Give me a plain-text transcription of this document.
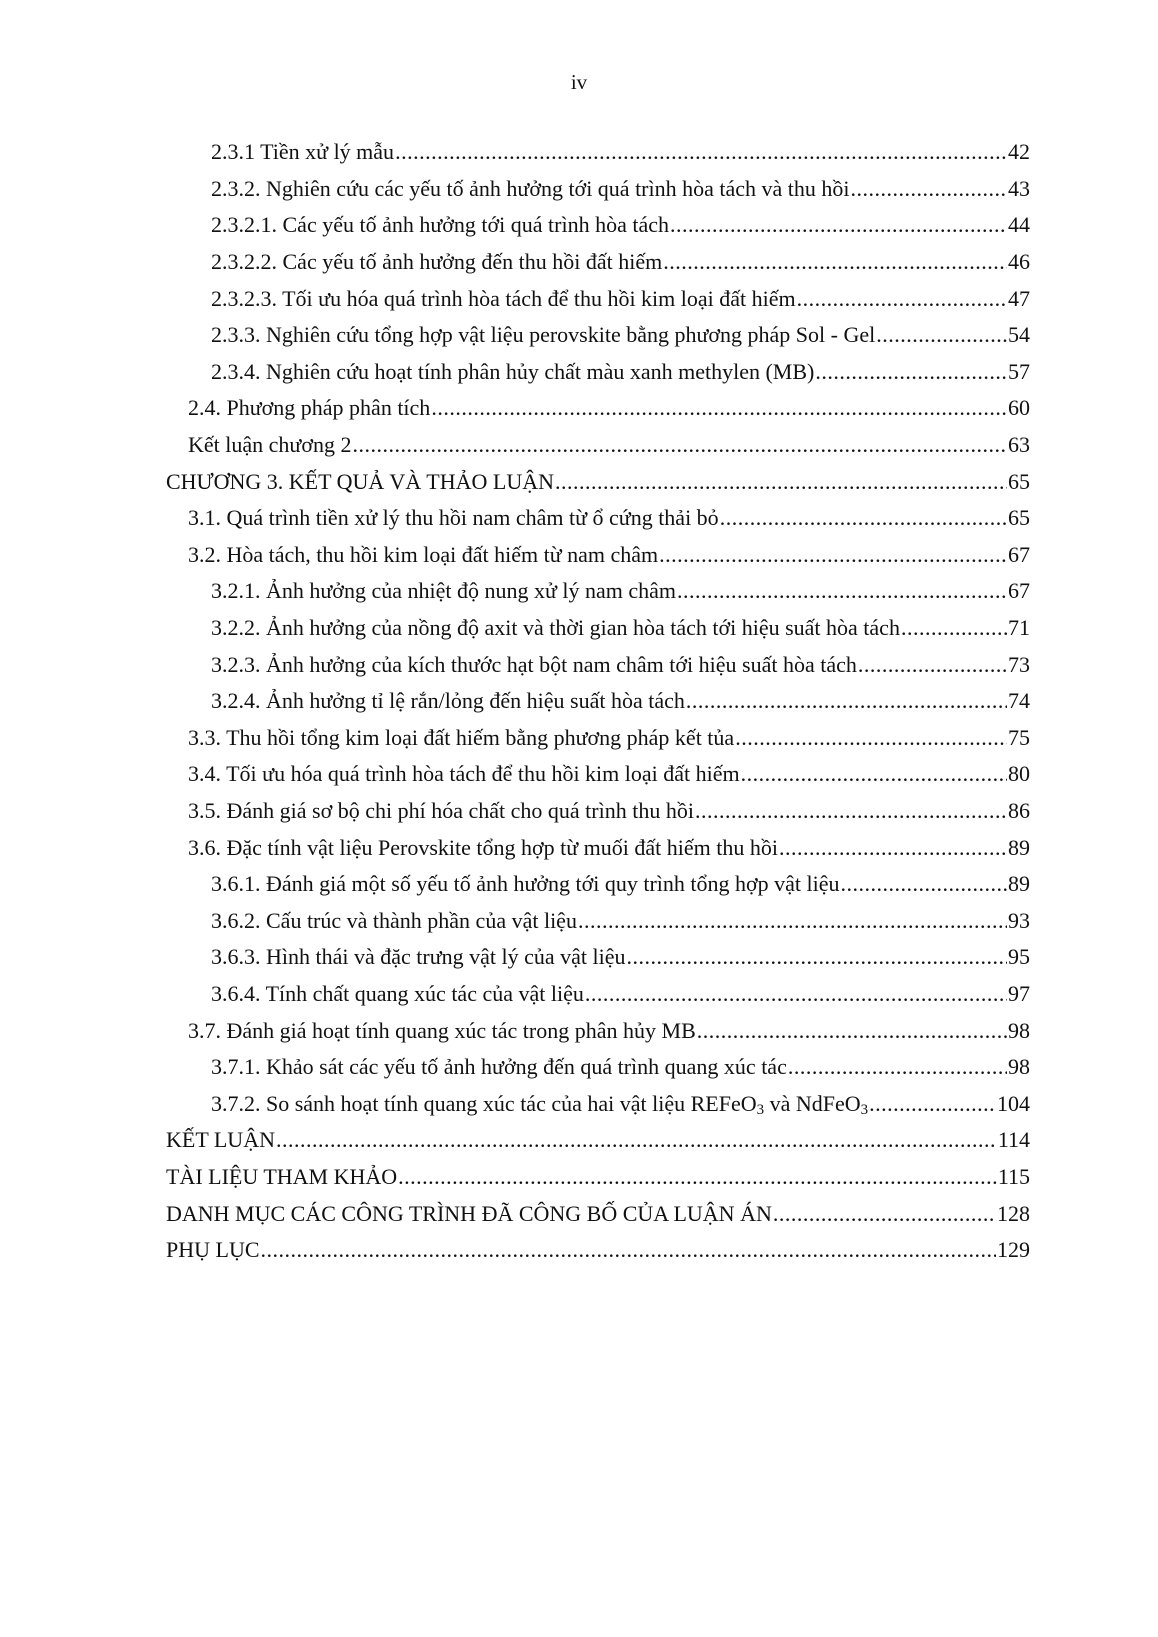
iv
2.3.1 Tiền xử lý mẫu .....	42
2.3.2. Nghiên cứu các yếu tố ảnh hưởng tới quá trình hòa tách và thu hồi .....	43
2.3.2.1. Các yếu tố ảnh hưởng tới quá trình hòa tách .....	44
2.3.2.2. Các yếu tố ảnh hưởng đến thu hồi đất hiếm .....	46
2.3.2.3. Tối ưu hóa quá trình hòa tách để thu hồi kim loại đất hiếm .....	47
2.3.3. Nghiên cứu tổng hợp vật liệu perovskite bằng phương pháp Sol - Gel .....	54
2.3.4. Nghiên cứu hoạt tính phân hủy chất màu xanh methylen (MB) .....	57
2.4. Phương pháp phân tích .....	60
Kết luận chương 2 .....	63
CHƯƠNG 3. KẾT QUẢ VÀ THẢO LUẬN .....	65
3.1. Quá trình tiền xử lý thu hồi nam châm từ ổ cứng thải bỏ .....	65
3.2. Hòa tách, thu hồi kim loại đất hiếm từ nam châm .....	67
3.2.1. Ảnh hưởng của nhiệt độ nung xử lý nam châm .....	67
3.2.2. Ảnh hưởng của nồng độ axit và thời gian hòa tách tới hiệu suất hòa tách .....	71
3.2.3. Ảnh hưởng của kích thước hạt bột nam châm tới hiệu suất hòa tách .....	73
3.2.4. Ảnh hưởng tỉ lệ rắn/lỏng đến hiệu suất hòa tách .....	74
3.3. Thu hồi tổng kim loại đất hiếm bằng phương pháp kết tủa .....	75
3.4. Tối ưu hóa quá trình hòa tách để thu hồi kim loại đất hiếm .....	80
3.5. Đánh giá sơ bộ chi phí hóa chất cho quá trình thu hồi .....	86
3.6. Đặc tính vật liệu Perovskite tổng hợp từ muối đất hiếm thu hồi .....	89
3.6.1. Đánh giá một số yếu tố ảnh hưởng tới quy trình tổng hợp vật liệu .....	89
3.6.2. Cấu trúc và thành phần của vật liệu .....	93
3.6.3. Hình thái và đặc trưng vật lý của vật liệu .....	95
3.6.4. Tính chất quang xúc tác của vật liệu .....	97
3.7. Đánh giá hoạt tính quang xúc tác trong phân hủy MB .....	98
3.7.1. Khảo sát các yếu tố ảnh hưởng đến quá trình quang xúc tác .....	98
3.7.2. So sánh hoạt tính quang xúc tác của hai vật liệu REFeO$_3$ và NdFeO$_3$ .....	104
KẾT LUẬN .....	114
TÀI LIỆU THAM KHẢO .....	115
DANH MỤC CÁC CÔNG TRÌNH ĐÃ CÔNG BỐ CỦA LUẬN ÁN .....	128
PHỤ LỤC .....	129
